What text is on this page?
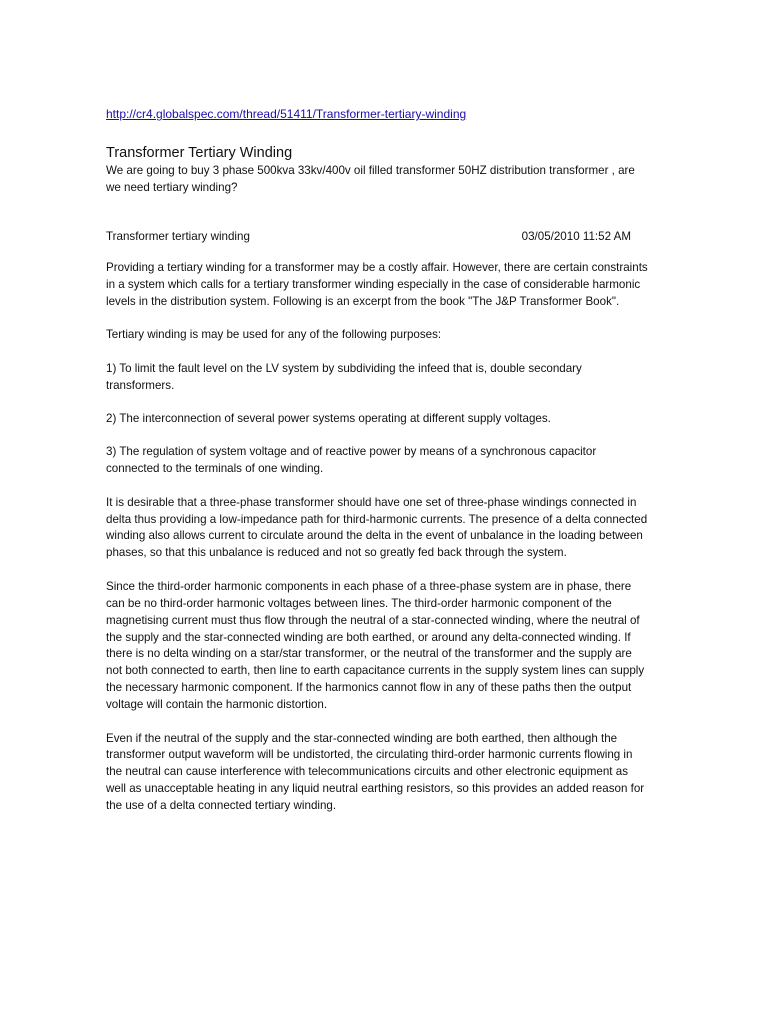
http://cr4.globalspec.com/thread/51411/Transformer-tertiary-winding
Transformer Tertiary Winding

We are going to buy 3 phase 500kva 33kv/400v oil filled transformer 50HZ distribution transformer , are we need tertiary winding?

Transformer tertiary winding	03/05/2010 11:52 AM

Providing a tertiary winding for a transformer may be a costly affair. However, there are certain constraints in a system which calls for a tertiary transformer winding especially in the case of considerable harmonic levels in the distribution system. Following is an excerpt from the book "The J&P Transformer Book".

Tertiary winding is may be used for any of the following purposes:

1) To limit the fault level on the LV system by subdividing the infeed that is, double secondary transformers.

2) The interconnection of several power systems operating at different supply voltages.

3) The regulation of system voltage and of reactive power by means of a synchronous capacitor connected to the terminals of one winding.

It is desirable that a three-phase transformer should have one set of three-phase windings connected in delta thus providing a low-impedance path for third-harmonic currents. The presence of a delta connected winding also allows current to circulate around the delta in the event of unbalance in the loading between phases, so that this unbalance is reduced and not so greatly fed back through the system.

Since the third-order harmonic components in each phase of a three-phase system are in phase, there can be no third-order harmonic voltages between lines. The third-order harmonic component of the magnetising current must thus flow through the neutral of a star-connected winding, where the neutral of the supply and the star-connected winding are both earthed, or around any delta-connected winding. If there is no delta winding on a star/star transformer, or the neutral of the transformer and the supply are not both connected to earth, then line to earth capacitance currents in the supply system lines can supply the necessary harmonic component. If the harmonics cannot flow in any of these paths then the output voltage will contain the harmonic distortion.

Even if the neutral of the supply and the star-connected winding are both earthed, then although the transformer output waveform will be undistorted, the circulating third-order harmonic currents flowing in the neutral can cause interference with telecommunications circuits and other electronic equipment as well as unacceptable heating in any liquid neutral earthing resistors, so this provides an added reason for the use of a delta connected tertiary winding.
